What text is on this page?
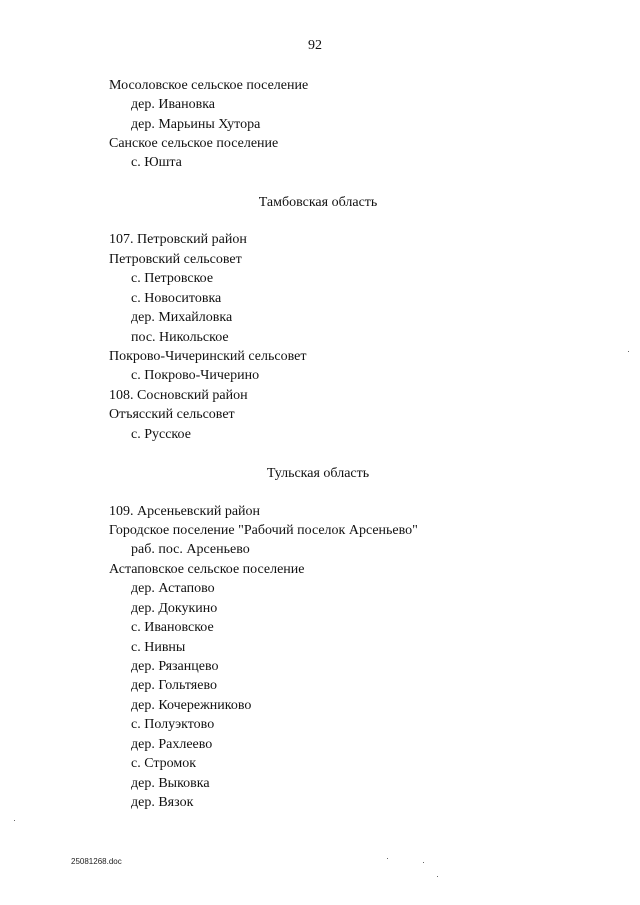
92
Мосоловское сельское поселение
дер. Ивановка
дер. Марьины Хутора
Санское сельское поселение
с. Юшта
Тамбовская область
107. Петровский район
Петровский сельсовет
с. Петровское
с. Новоситовка
дер. Михайловка
пос. Никольское
Покрово-Чичеринский сельсовет
с. Покрово-Чичерино
108. Сосновский район
Отъясский сельсовет
с. Русское
Тульская область
109. Арсеньевский район
Городское поселение "Рабочий поселок Арсеньево"
раб. пос. Арсеньево
Астаповское сельское поселение
дер. Астапово
дер. Докукино
с. Ивановское
с. Нивны
дер. Рязанцево
дер. Гольтяево
дер. Кочережниково
с. Полуэктово
дер. Рахлеево
с. Стромок
дер. Выковка
дер. Вязок
25081268.doc
